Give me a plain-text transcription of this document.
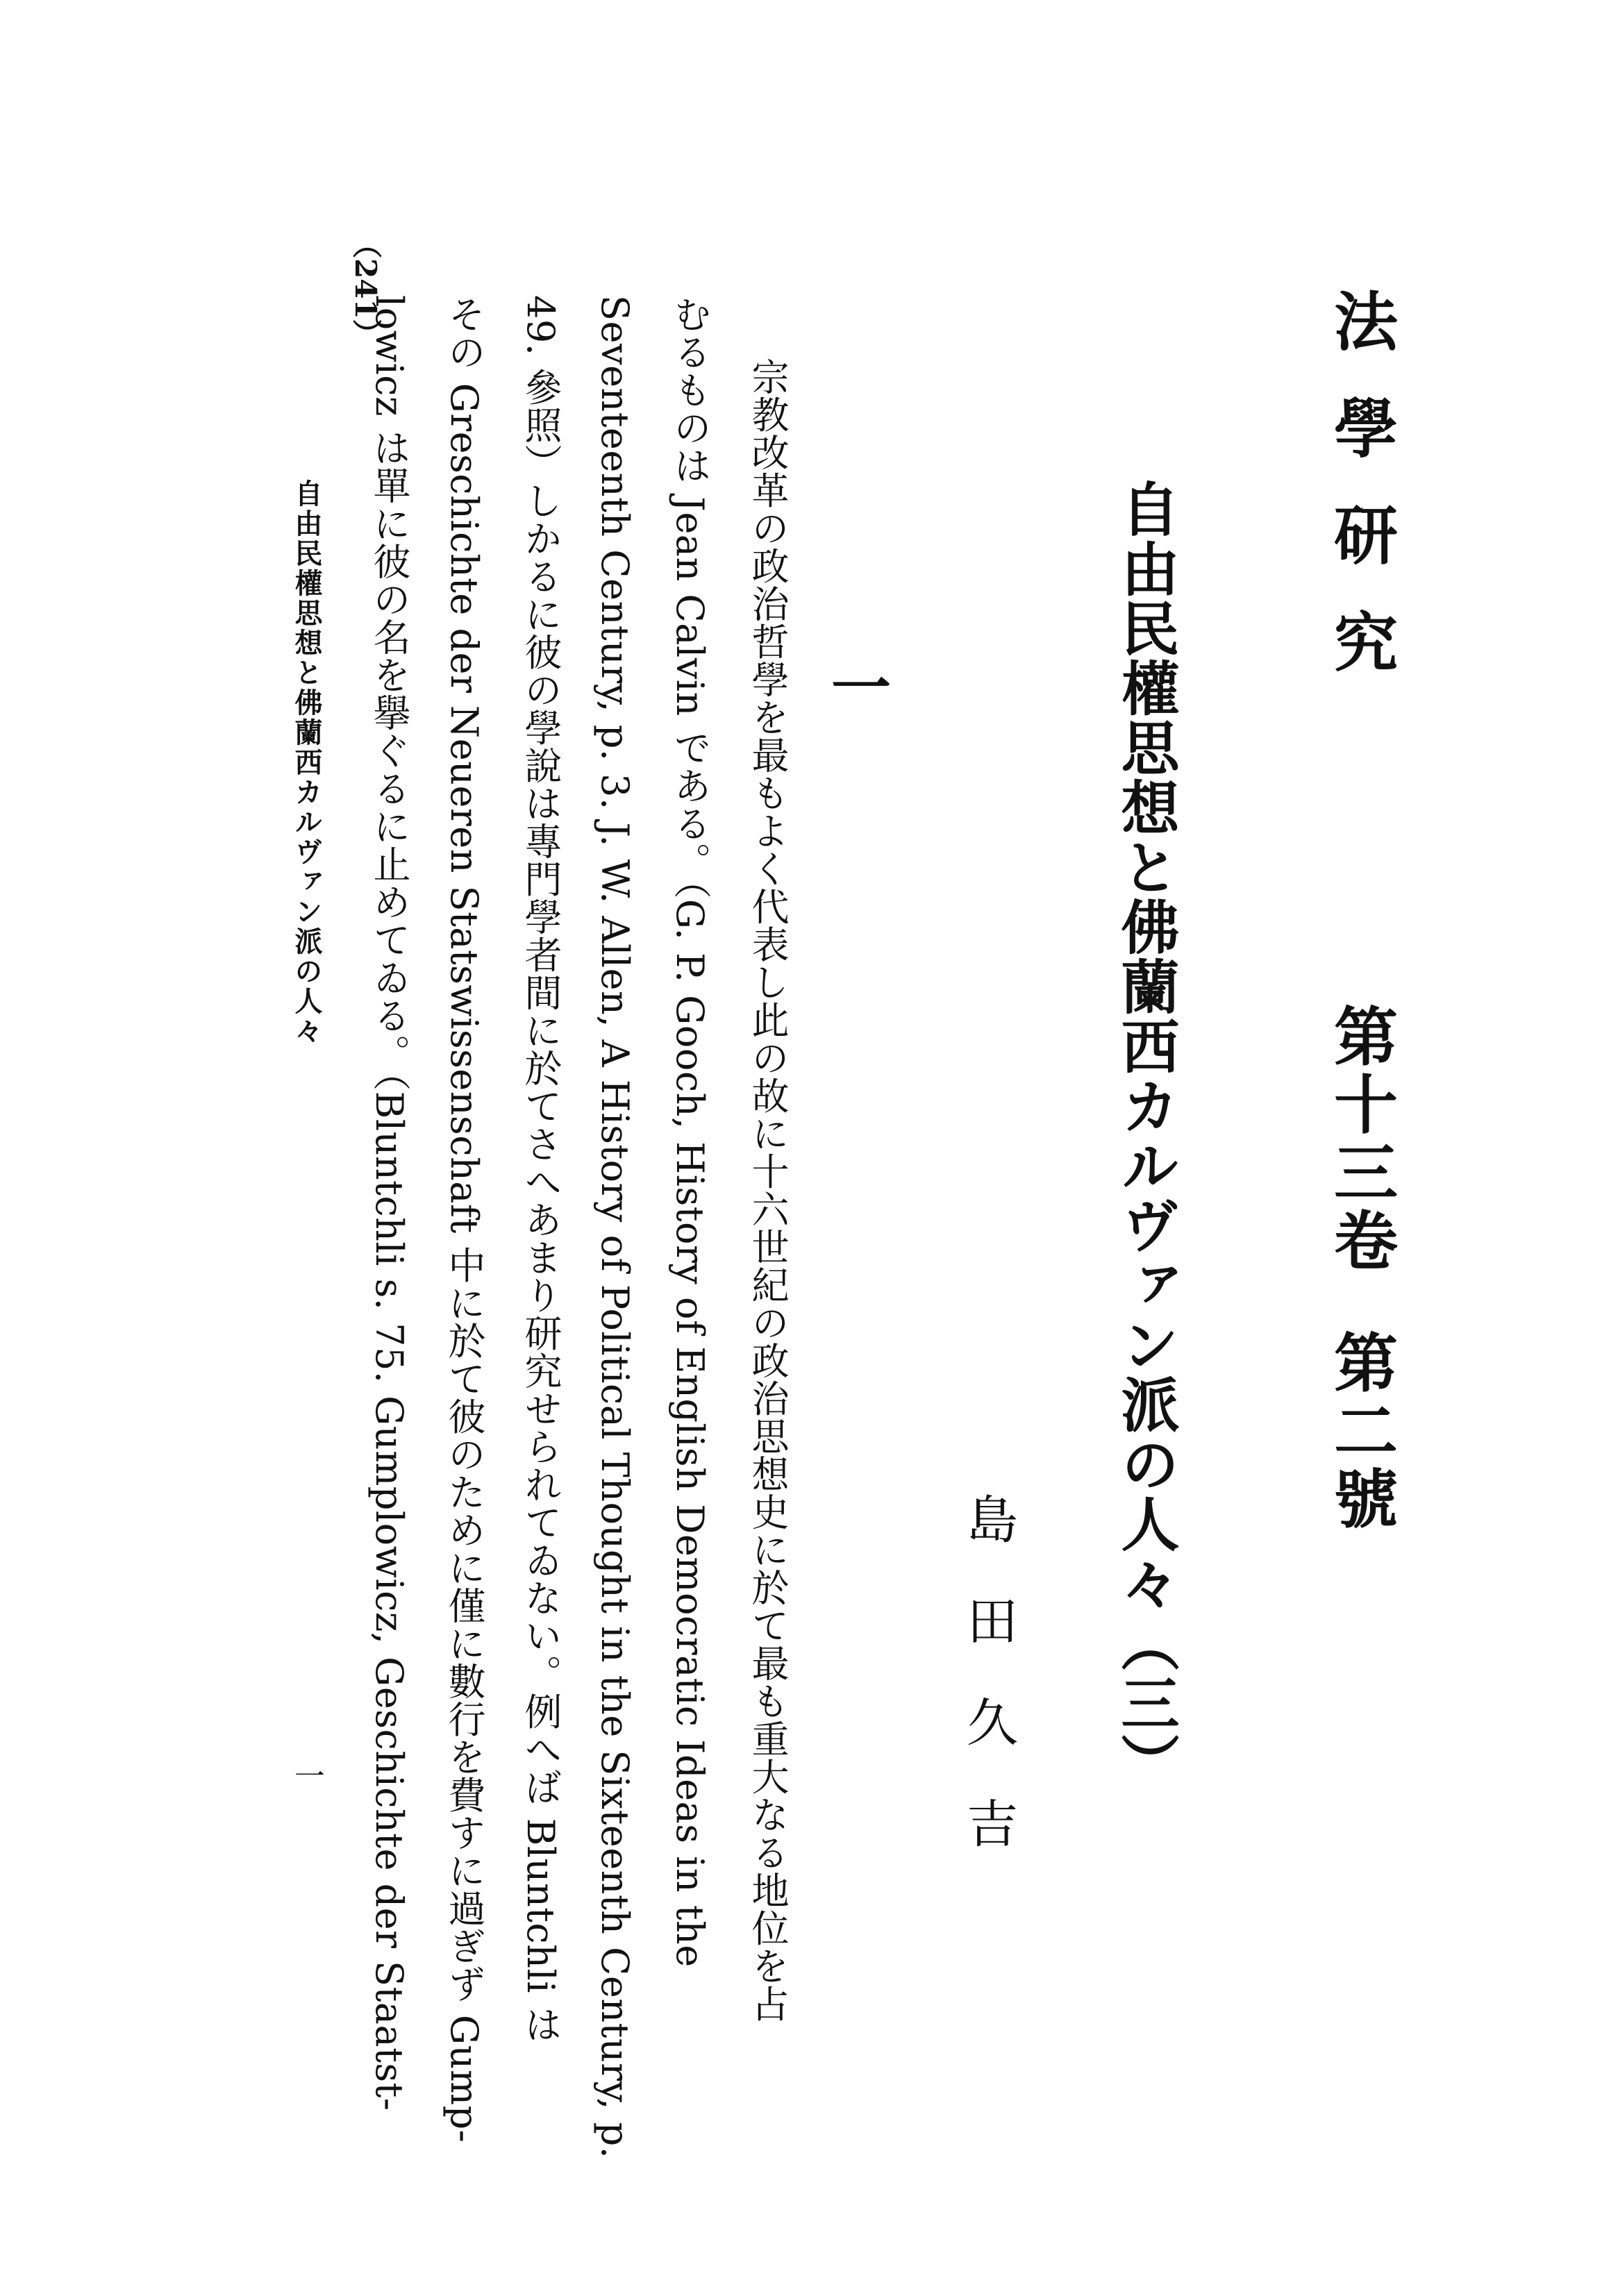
法學研究
第十三卷
第二號
自由民權思想と佛蘭西カルヴァン派の人々（三）
島田久吉
一
宗教改革の政治哲學を最もよく代表し此の故に十六世紀の政治思想史に於て最も重大なる地位を占
むるものは Jean Calvin である。（G. P. Gooch, History of English Democratic Ideas in the
Seventeenth Century, p. 3. J. W. Allen, A History of Political Thought in the Sixteenth Century, p.
49. 參照）しかるに彼の學說は專門學者間に於てさへあまり研究せられてゐない。例へば Bluntchli は
その Greschichte der Neueren Statswissenschaft 中に於て彼のために僅に數行を費すに過ぎず Gump-
lowicz は單に彼の名を擧ぐるに止めてゐる。（Bluntchli s. 75. Gumplowicz, Geschichte der Staatst-
（241）
自由民權思想と佛蘭西カルヴァン派の人々
一
